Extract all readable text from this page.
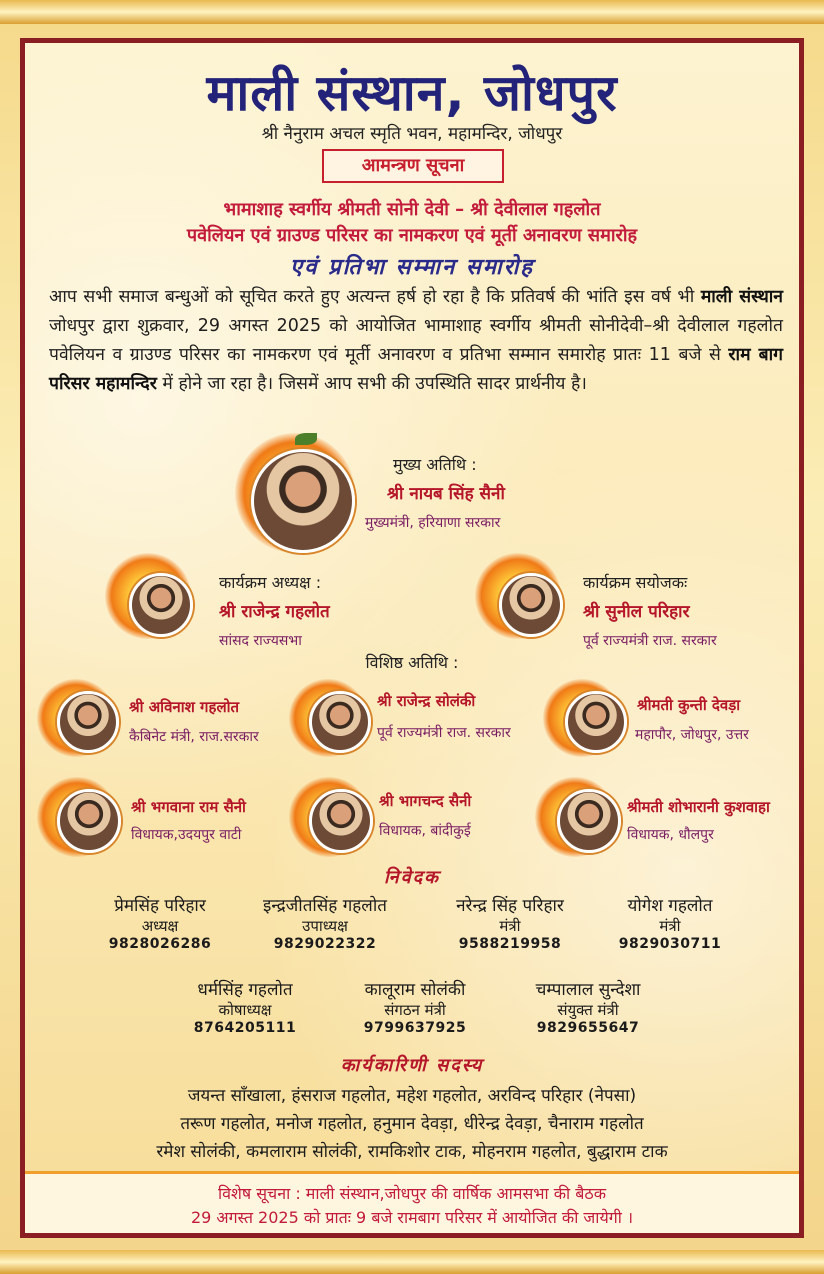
माली संस्थान, जोधपुर
श्री नैनुराम अचल स्मृति भवन, महामन्दिर, जोधपुर
आमन्त्रण सूचना
भामाशाह स्वर्गीय श्रीमती सोनी देवी – श्री देवीलाल गहलोत
पवेलियन एवं ग्राउण्ड परिसर का नामकरण एवं मूर्ती अनावरण समारोह
एवं प्रतिभा सम्मान समारोह

आप सभी समाज बन्धुओं को सूचित करते हुए अत्यन्त हर्ष हो रहा है कि प्रतिवर्ष की भांति इस वर्ष भी माली संस्थान जोधपुर द्वारा शुक्रवार, 29 अगस्त 2025 को आयोजित भामाशाह स्वर्गीय श्रीमती सोनीदेवी–श्री देवीलाल गहलोत पवेलियन व ग्राउण्ड परिसर का नामकरण एवं मूर्ती अनावरण व प्रतिभा सम्मान समारोह प्रातः 11 बजे से राम बाग परिसर महामन्दिर में होने जा रहा है। जिसमें आप सभी की उपस्थिति सादर प्रार्थनीय है।

मुख्य अतिथि :
श्री नायब सिंह सैनी
मुख्यमंत्री, हरियाणा सरकार
कार्यक्रम अध्यक्ष :
श्री राजेन्द्र गहलोत
सांसद राज्यसभा
कार्यक्रम सयोजकः
श्री सुनील परिहार
पूर्व राज्यमंत्री राज. सरकार
विशिष्ठ अतिथि :
श्री अविनाश गहलोत
कैबिनेट मंत्री, राज.सरकार
श्री राजेन्द्र सोलंकी
पूर्व राज्यमंत्री राज. सरकार
श्रीमती कुन्ती देवड़ा
महापौर, जोधपुर, उत्तर
श्री भगवाना राम सैनी
विधायक,उदयपुर वाटी
श्री भागचन्द सैनी
विधायक, बांदीकुई
श्रीमती शोभारानी कुशवाहा
विधायक, धौलपुर
निवेदक
प्रेमसिंह परिहार
अध्यक्ष
9828026286
इन्द्रजीतसिंह गहलोत
उपाध्यक्ष
9829022322
नरेन्द्र सिंह परिहार
मंत्री
9588219958
योगेश गहलोत
मंत्री
9829030711
धर्मसिंह गहलोत
कोषाध्यक्ष
8764205111
कालूराम सोलंकी
संगठन मंत्री
9799637925
चम्पालाल सुन्देशा
संयुक्त मंत्री
9829655647
कार्यकारिणी सदस्य
जयन्त साँखाला, हंसराज गहलोत, महेश गहलोत, अरविन्द परिहार (नेपसा)
तरूण गहलोत, मनोज गहलोत, हनुमान देवड़ा, धीरेन्द्र देवड़ा, चैनाराम गहलोत
रमेश सोलंकी, कमलाराम सोलंकी, रामकिशोर टाक, मोहनराम गहलोत, बुद्धाराम टाक
विशेष सूचना : माली संस्थान,जोधपुर की वार्षिक आमसभा की बैठक
29 अगस्त 2025 को प्रातः 9 बजे रामबाग परिसर में आयोजित की जायेगी ।
